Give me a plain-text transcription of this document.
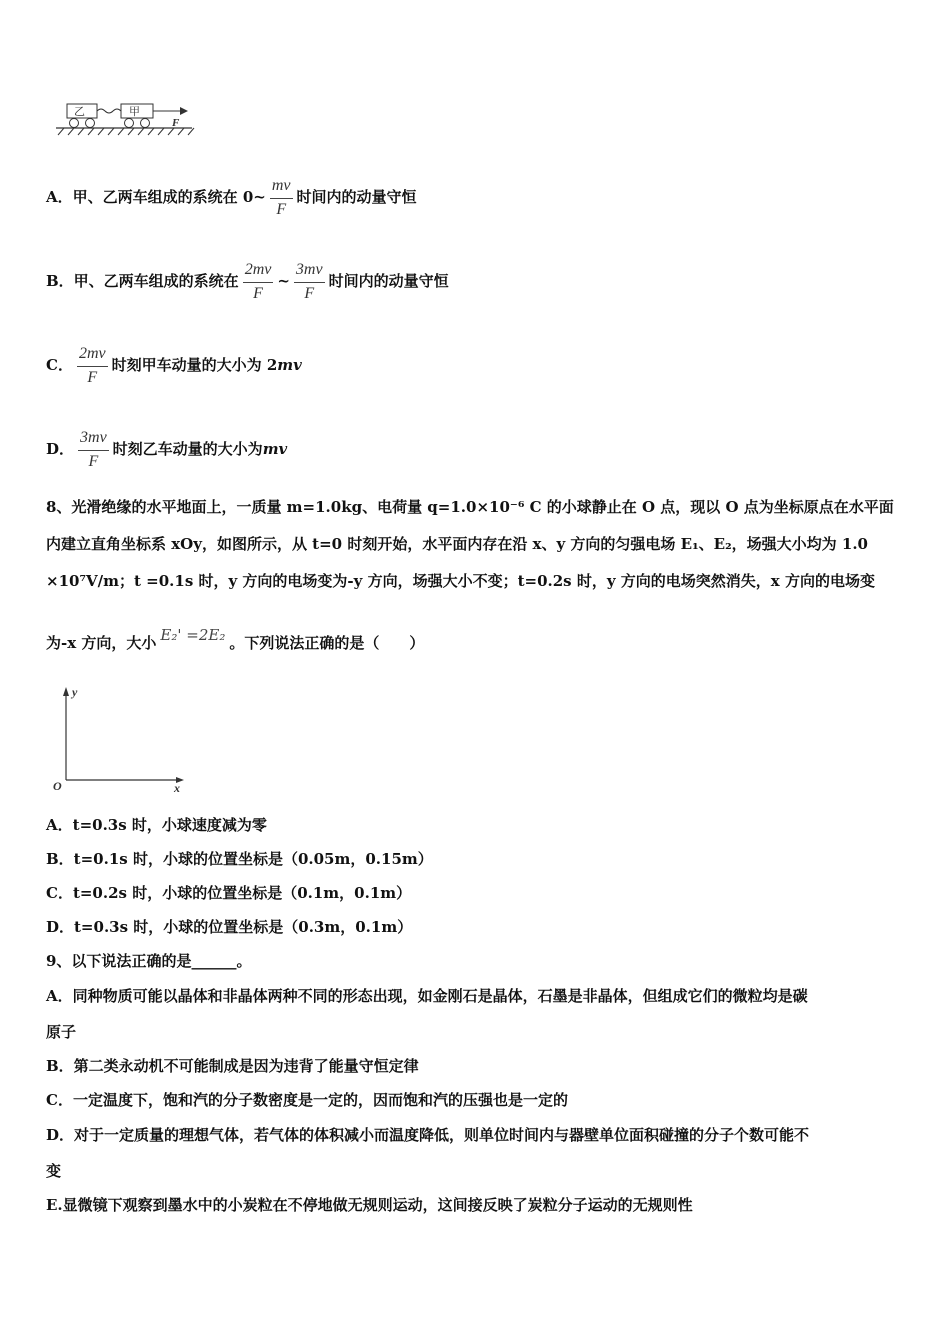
乙	甲
F
A．甲、乙两车组成的系统在 0~ $\frac{mv}{F}$ 时间内的动量守恒
B．甲、乙两车组成的系统在 $\frac{2mv}{F}$ ~ $\frac{3mv}{F}$ 时间内的动量守恒
C． $\frac{2mv}{F}$ 时刻甲车动量的大小为 2mv
D． $\frac{3mv}{F}$ 时刻乙车动量的大小为mv
8、光滑绝缘的水平地面上，一质量 m=1.0kg、电荷量 q=1.0×10⁻⁶ C 的小球静止在 O 点，现以 O 点为坐标原点在水平面
内建立直角坐标系 xOy，如图所示，从 t=0 时刻开始，水平面内存在沿 x、y 方向的匀强电场 E₁、E₂，场强大小均为 1.0
×10⁷V/m；t =0.1s 时，y 方向的电场变为-y 方向，场强大小不变；t=0.2s 时，y 方向的电场突然消失，x 方向的电场变
为-x 方向，大小 E₂' =2E₂ 。下列说法正确的是（　　）
y
x
O
A．t=0.3s 时，小球速度减为零
B．t=0.1s 时，小球的位置坐标是（0.05m，0.15m）
C．t=0.2s 时，小球的位置坐标是（0.1m，0.1m）
D．t=0.3s 时，小球的位置坐标是（0.3m，0.1m）
9、以下说法正确的是______。
A．同种物质可能以晶体和非晶体两种不同的形态出现，如金刚石是晶体，石墨是非晶体，但组成它们的微粒均是碳
原子
B．第二类永动机不可能制成是因为违背了能量守恒定律
C．一定温度下，饱和汽的分子数密度是一定的，因而饱和汽的压强也是一定的
D．对于一定质量的理想气体，若气体的体积减小而温度降低，则单位时间内与器壁单位面积碰撞的分子个数可能不
变
E.显微镜下观察到墨水中的小炭粒在不停地做无规则运动，这间接反映了炭粒分子运动的无规则性
